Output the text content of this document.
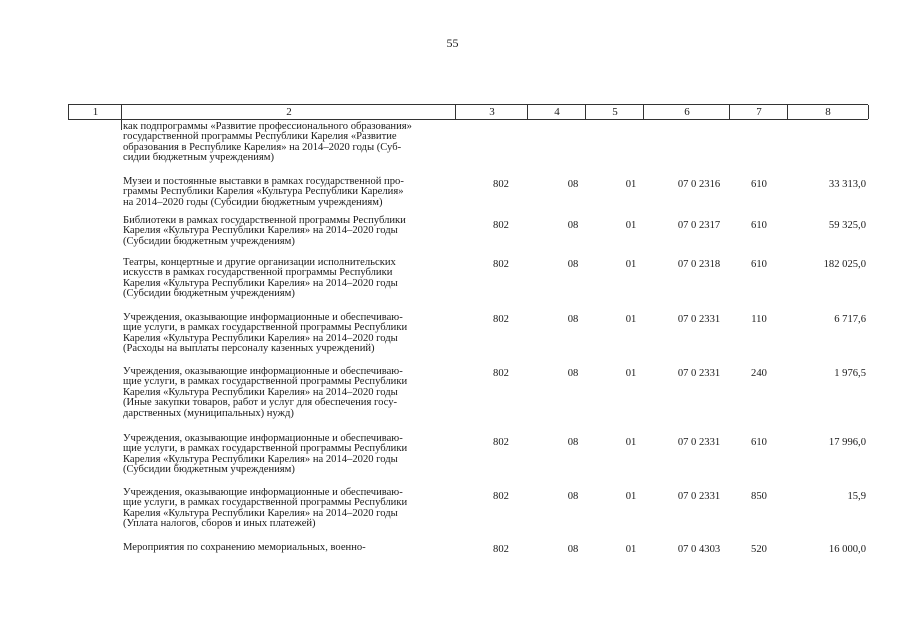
55
1	2	3	4	5	6	7	8
как подпрограммы «Развитие профессионального образования»
государственной программы Республики Карелия «Развитие
образования в Республике Карелия» на 2014–2020 годы (Суб-
сидии бюджетным учреждениям)
Музеи и постоянные выставки в рамках государственной про-
граммы Республики Карелия «Культура Республики Карелия»
на 2014–2020 годы (Субсидии бюджетным учреждениям)
802	08	01	07 0 2316	610	33 313,0
Библиотеки в рамках государственной программы Республики
Карелия «Культура Республики Карелия» на 2014–2020 годы
(Субсидии бюджетным учреждениям)
802	08	01	07 0 2317	610	59 325,0
Театры, концертные и другие организации исполнительских
искусств в рамках государственной программы Республики
Карелия «Культура Республики Карелия» на 2014–2020 годы
(Субсидии бюджетным учреждениям)
802	08	01	07 0 2318	610	182 025,0
Учреждения, оказывающие информационные и обеспечиваю-
щие услуги, в рамках государственной программы Республики
Карелия «Культура Республики Карелия» на 2014–2020 годы
(Расходы на выплаты персоналу казенных учреждений)
802	08	01	07 0 2331	110	6 717,6
Учреждения, оказывающие информационные и обеспечиваю-
щие услуги, в рамках государственной программы Республики
Карелия «Культура Республики Карелия» на 2014–2020 годы
(Иные закупки товаров, работ и услуг для обеспечения госу-
дарственных (муниципальных) нужд)
802	08	01	07 0 2331	240	1 976,5
Учреждения, оказывающие информационные и обеспечиваю-
щие услуги, в рамках государственной программы Республики
Карелия «Культура Республики Карелия» на 2014–2020 годы
(Субсидии бюджетным учреждениям)
802	08	01	07 0 2331	610	17 996,0
Учреждения, оказывающие информационные и обеспечиваю-
щие услуги, в рамках государственной программы Республики
Карелия «Культура Республики Карелия» на 2014–2020 годы
(Уплата налогов, сборов и иных платежей)
802	08	01	07 0 2331	850	15,9
Мероприятия по сохранению мемориальных, военно-	802	08	01	07 0 4303	520	16 000,0
